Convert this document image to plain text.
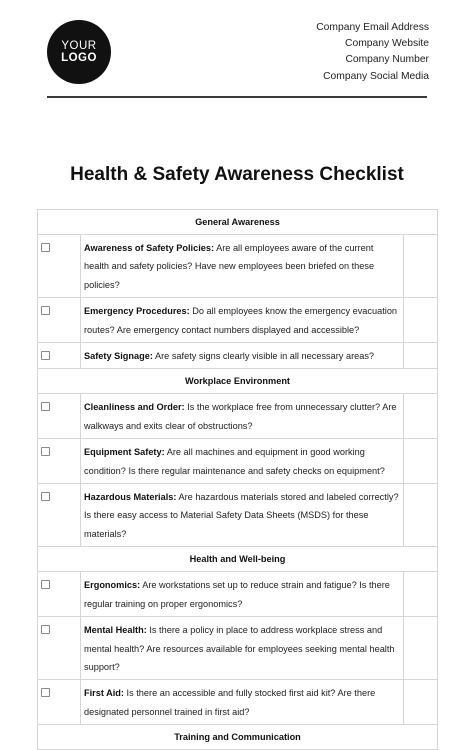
YOUR
LOGO
Company Email Address
Company Website
Company Number
Company Social Media
Health & Safety Awareness Checklist
General Awareness
Awareness of Safety Policies: Are all employees aware of the current health and safety policies? Have new employees been briefed on these policies?
Emergency Procedures: Do all employees know the emergency evacuation routes? Are emergency contact numbers displayed and accessible?
Safety Signage: Are safety signs clearly visible in all necessary areas?
Workplace Environment
Cleanliness and Order: Is the workplace free from unnecessary clutter? Are walkways and exits clear of obstructions?
Equipment Safety: Are all machines and equipment in good working condition? Is there regular maintenance and safety checks on equipment?
Hazardous Materials: Are hazardous materials stored and labeled correctly? Is there easy access to Material Safety Data Sheets (MSDS) for these materials?
Health and Well-being
Ergonomics: Are workstations set up to reduce strain and fatigue? Is there regular training on proper ergonomics?
Mental Health: Is there a policy in place to address workplace stress and mental health? Are resources available for employees seeking mental health support?
First Aid: Is there an accessible and fully stocked first aid kit? Are there designated personnel trained in first aid?
Training and Communication
